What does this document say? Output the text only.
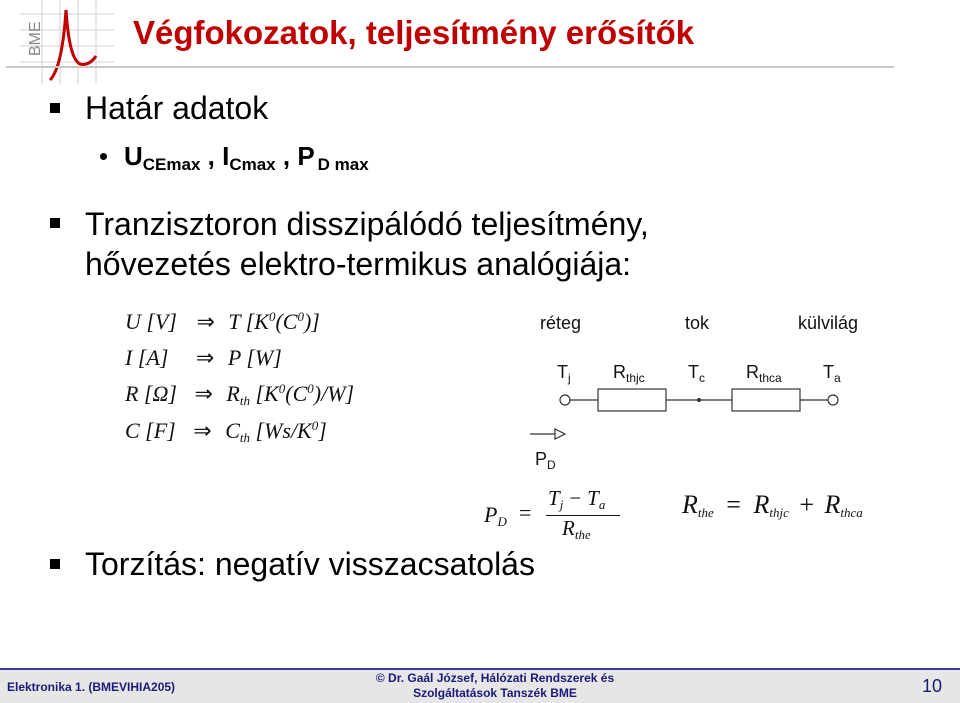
BME	Végfokozatok, teljesítmény erősítők
Határ adatok
$U_{CEmax}$ , $I_{Cmax}$ , P $_{D max}$
Tranzisztoron disszipálódó teljesítmény,
hővezetés elektro-termikus analógiája:
U [V] ⇒ T $[K^0(C^0)]$
I [A] ⇒ P [W]
R [Ω] ⇒ $R_{th}$ $[K^0(C^0)/W]$
C [F] ⇒ $C_{th}$ $[Ws/K^0]$
réteg	tok	külvilág
$T_j$ $R_{thjc}$ $T_c$ $R_{thca}$ $T_a$
$P_D$
$P_D$ =
$T_j - T_a$
$R_{the}$
$R_{the} = R_{thjc} + R_{thca}$
Torzítás: negatív visszacsatolás
Elektronika 1. (BMEVIHIA205)
© Dr. Gaál József, Hálózati Rendszerek és
Szolgáltatások Tanszék BME	10
